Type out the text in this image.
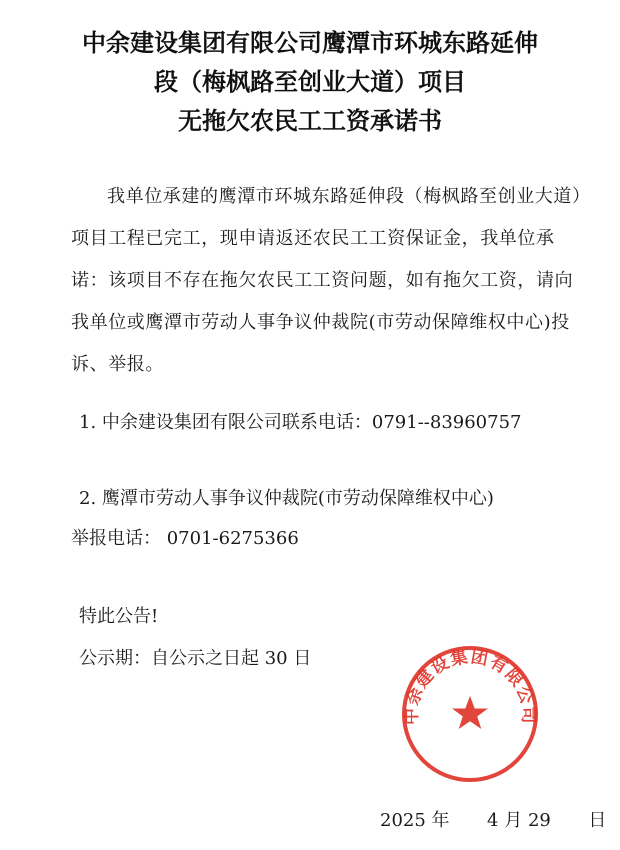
中余建设集团有限公司鹰潭市环城东路延伸
段（梅枫路至创业大道）项目
无拖欠农民工工资承诺书

我单位承建的鹰潭市环城东路延伸段（梅枫路至创业大道）项目工程已完工，现申请返还农民工工资保证金，我单位承诺：该项目不存在拖欠农民工工资问题，如有拖欠工资，请向我单位或鹰潭市劳动人事争议仲裁院(市劳动保障维权中心)投诉、举报。

1. 中余建设集团有限公司联系电话：0791--83960757
2. 鹰潭市劳动人事争议仲裁院(市劳动保障维权中心)
举报电话： 0701-6275366
特此公告!
公示期：自公示之日起 30 日
中余建设集团有限公司
2025 年 4 月 29 日
